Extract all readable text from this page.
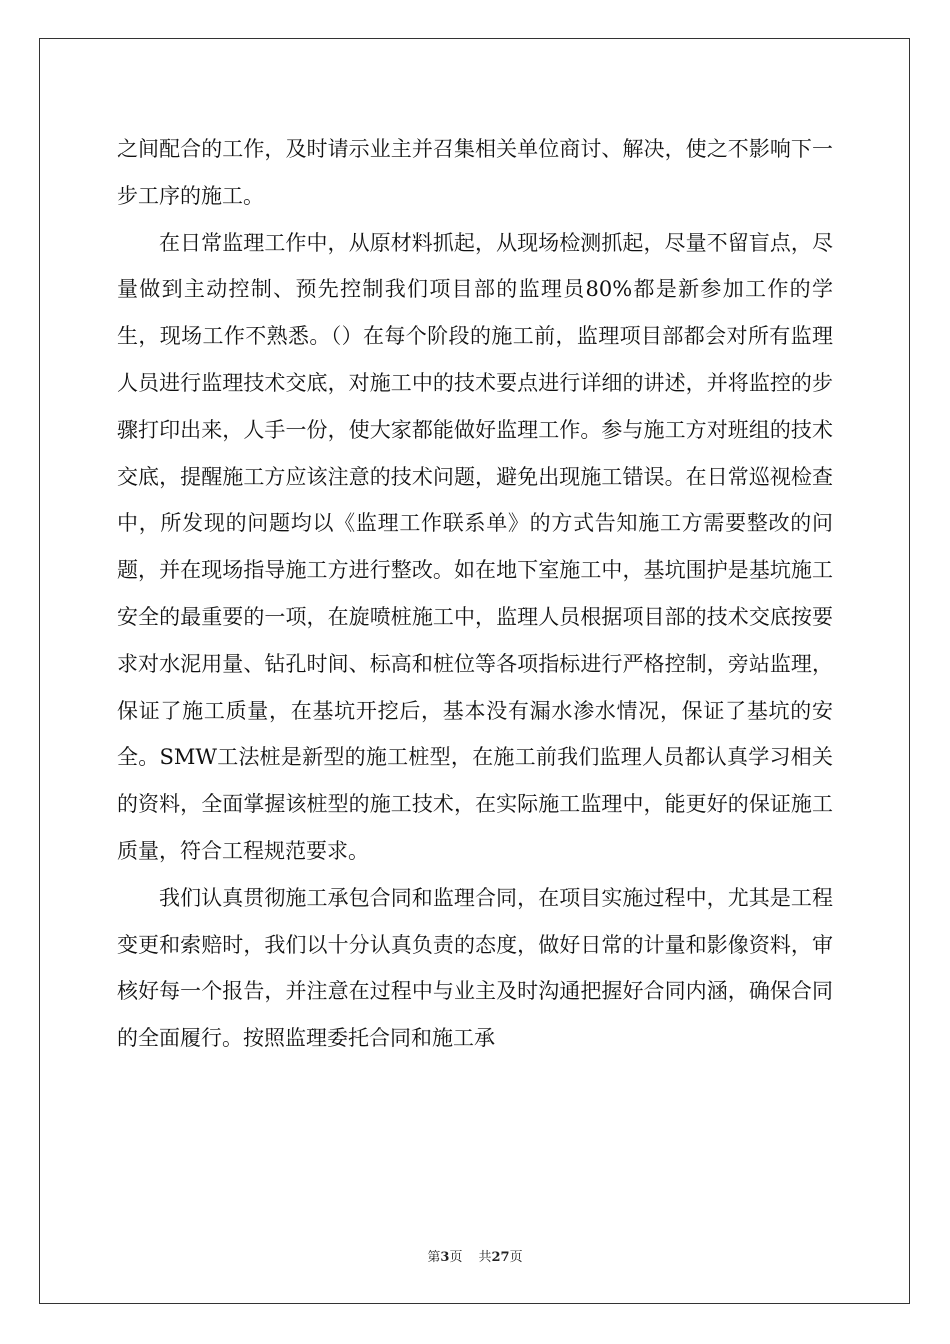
之间配合的工作，及时请示业主并召集相关单位商讨、解决，使之不影响下一步工序的施工。

在日常监理工作中，从原材料抓起，从现场检测抓起，尽量不留盲点，尽量做到主动控制、预先控制我们项目部的监理员80%都是新参加工作的学生，现场工作不熟悉。（）在每个阶段的施工前，监理项目部都会对所有监理人员进行监理技术交底，对施工中的技术要点进行详细的讲述，并将监控的步骤打印出来，人手一份，使大家都能做好监理工作。参与施工方对班组的技术交底，提醒施工方应该注意的技术问题，避免出现施工错误。在日常巡视检查中，所发现的问题均以《监理工作联系单》的方式告知施工方需要整改的问题，并在现场指导施工方进行整改。如在地下室施工中，基坑围护是基坑施工安全的最重要的一项，在旋喷桩施工中，监理人员根据项目部的技术交底按要求对水泥用量、钻孔时间、标高和桩位等各项指标进行严格控制，旁站监理，保证了施工质量，在基坑开挖后，基本没有漏水渗水情况，保证了基坑的安全。SMW工法桩是新型的施工桩型，在施工前我们监理人员都认真学习相关的资料，全面掌握该桩型的施工技术，在实际施工监理中，能更好的保证施工质量，符合工程规范要求。

我们认真贯彻施工承包合同和监理合同，在项目实施过程中，尤其是工程变更和索赔时，我们以十分认真负责的态度，做好日常的计量和影像资料，审核好每一个报告，并注意在过程中与业主及时沟通把握好合同内涵，确保合同的全面履行。按照监理委托合同和施工承

第3页 共27页
